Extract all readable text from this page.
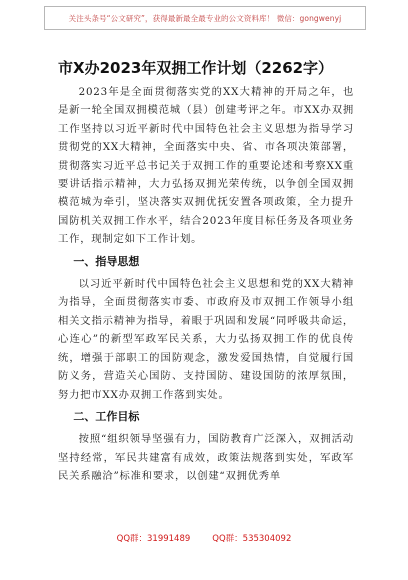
关注头条号“公文研究”，获得最新最全最专业的公文资料库！ 微信：gongwenyj
市X办2023年双拥工作计划（2262字）

2023年是全面贯彻落实党的XX大精神的开局之年，也是新一轮全国双拥模范城（县）创建考评之年。市XX办双拥工作坚持以习近平新时代中国特色社会主义思想为指导学习贯彻党的XX大精神，全面落实中央、省、市各项决策部署，贯彻落实习近平总书记关于双拥工作的重要论述和考察XX重要讲话指示精神，大力弘扬双拥光荣传统，以争创全国双拥模范城为牵引，坚决落实双拥优抚安置各项政策，全力提升国防机关双拥工作水平，结合2023年度目标任务及各项业务工作，现制定如下工作计划。

一、指导思想

以习近平新时代中国特色社会主义思想和党的XX大精神为指导，全面贯彻落实市委、市政府及市双拥工作领导小组相关文指示精神为指导，着眼于巩固和发展“同呼吸共命运，心连心”的新型军政军民关系，大力弘扬双拥工作的优良传统，增强于部职工的国防观念，激发爱国热情，自觉履行国防义务，营造关心国防、支持国防、建设国防的浓厚氛围，努力把市XX办双拥工作落到实处。

二、工作目标

按照“组织领导坚强有力，国防教育广泛深入，双拥活动坚持经常，军民共建富有成效，政策法规落到实处，军政军民关系融洽”标准和要求，以创建“双拥优秀单

QQ群：31991489	QQ群：535304092
